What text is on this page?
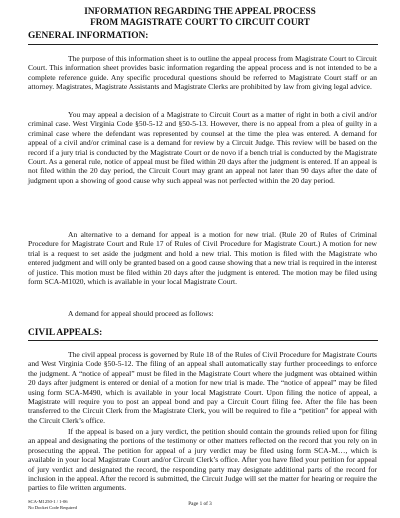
INFORMATION REGARDING THE APPEAL PROCESS
FROM MAGISTRATE COURT TO CIRCUIT COURT
GENERAL INFORMATION:
The purpose of this information sheet is to outline the appeal process from Magistrate Court to Circuit Court. This information sheet provides basic information regarding the appeal process and is not intended to be a complete reference guide. Any specific procedural questions should be referred to Magistrate Court staff or an attorney. Magistrates, Magistrate Assistants and Magistrate Clerks are prohibited by law from giving legal advice.
You may appeal a decision of a Magistrate to Circuit Court as a matter of right in both a civil and/or criminal case. West Virginia Code §50-5-12 and §50-5-13. However, there is no appeal from a plea of guilty in a criminal case where the defendant was represented by counsel at the time the plea was entered. A demand for appeal of a civil and/or criminal case is a demand for review by a Circuit Judge. This review will be based on the record if a jury trial is conducted by the Magistrate Court or de novo if a bench trial is conducted by the Magistrate Court. As a general rule, notice of appeal must be filed within 20 days after the judgment is entered. If an appeal is not filed within the 20 day period, the Circuit Court may grant an appeal not later than 90 days after the date of judgment upon a showing of good cause why such appeal was not perfected within the 20 day period.
An alternative to a demand for appeal is a motion for new trial. (Rule 20 of Rules of Criminal Procedure for Magistrate Court and Rule 17 of Rules of Civil Procedure for Magistrate Court.) A motion for new trial is a request to set aside the judgment and hold a new trial. This motion is filed with the Magistrate who entered judgment and will only be granted based on a good cause showing that a new trial is required in the interest of justice. This motion must be filed within 20 days after the judgment is entered. The motion may be filed using form SCA-M1020, which is available in your local Magistrate Court.
A demand for appeal should proceed as follows:
CIVIL APPEALS:
The civil appeal process is governed by Rule 18 of the Rules of Civil Procedure for Magistrate Courts and West Virginia Code §50-5-12. The filing of an appeal shall automatically stay further proceedings to enforce the judgment. A “notice of appeal” must be filed in the Magistrate Court where the judgment was obtained within 20 days after judgment is entered or denial of a motion for new trial is made. The “notice of appeal” may be filed using form SCA-M490, which is available in your local Magistrate Court. Upon filing the notice of appeal, a Magistrate will require you to post an appeal bond and pay a Circuit Court filing fee. After the file has been transferred to the Circuit Clerk from the Magistrate Clerk, you will be required to file a “petition” for appeal with the Circuit Clerk’s office.
If the appeal is based on a jury verdict, the petition should contain the grounds relied upon for filing an appeal and designating the portions of the testimony or other matters reflected on the record that you rely on in prosecuting the appeal. The petition for appeal of a jury verdict may be filed using form SCA-M…, which is available in your local Magistrate Court and/or Circuit Clerk’s office. After you have filed your petition for appeal of jury verdict and designated the record, the responding party may designate additional parts of the record for inclusion in the appeal. After the record is submitted, the Circuit Judge will set the matter for hearing or require the parties to file written arguments.
SCA-M1250-1 / 1-06
No Docket Code Required
Page 1 of 3
